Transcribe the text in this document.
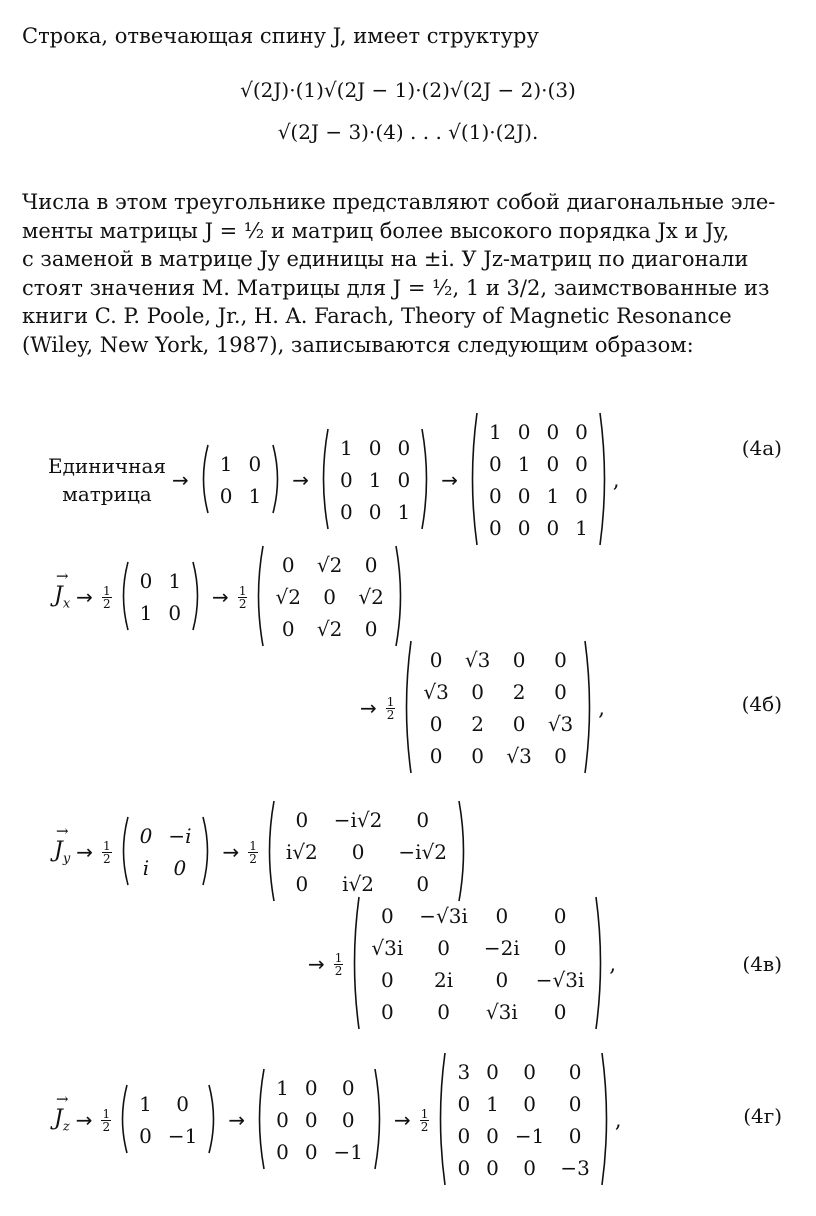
Строка, отвечающая спину J, имеет структуру
√(2J)·(1)√(2J − 1)·(2)√(2J − 2)·(3)
√(2J − 3)·(4) . . . √(1)·(2J).
Числа в этом треугольнике представляют собой диагональные эле-
менты матрицы J = ½ и матриц более высокого порядка Jx и Jy,
с заменой в матрице Jy единицы на ±i. У Jz-матриц по диагонали
стоят значения M. Матрицы для J = ½, 1 и 3/2, заимствованные из
книги C. P. Poole, Jr., H. A. Farach, Theory of Magnetic Resonance
(Wiley, New York, 1987), записываются следующим образом:
Единичная
матрица
→
1	0
0	1
→
1	0	0
0	1	0
0	0	1
→
1	0	0	0
0	1	0	0
0	0	1	0
0	0	0	1
,
(4а)
→ $J_x \to \frac{1}{2}$
0	1
1	0
→ $\frac{1}{2}$
0	√2	0
√2	0	√2
0	√2	0
→ $\frac{1}{2}$
0	√3	0	0
√3	0	2	0
0	2	0	√3
0	0	√3	0
,	(4б)
→ $J_y \to \frac{1}{2}$
0	−i
i	0
→ $\frac{1}{2}$
0	−i√2	0
i√2	0	−i√2
0	i√2	0
→ $\frac{1}{2}$
0	−√3i	0	0
√3i	0	−2i	0
0	2i	0	−√3i
0	0	√3i	0
,	(4в)
→ $J_z \to \frac{1}{2}$
1	0
0	−1
→
1	0	0
0	0	0
0	0	−1
→ $\frac{1}{2}$
3	0	0	0
0	1	0	0
0	0	−1	0
0	0	0	−3
,	(4г)
